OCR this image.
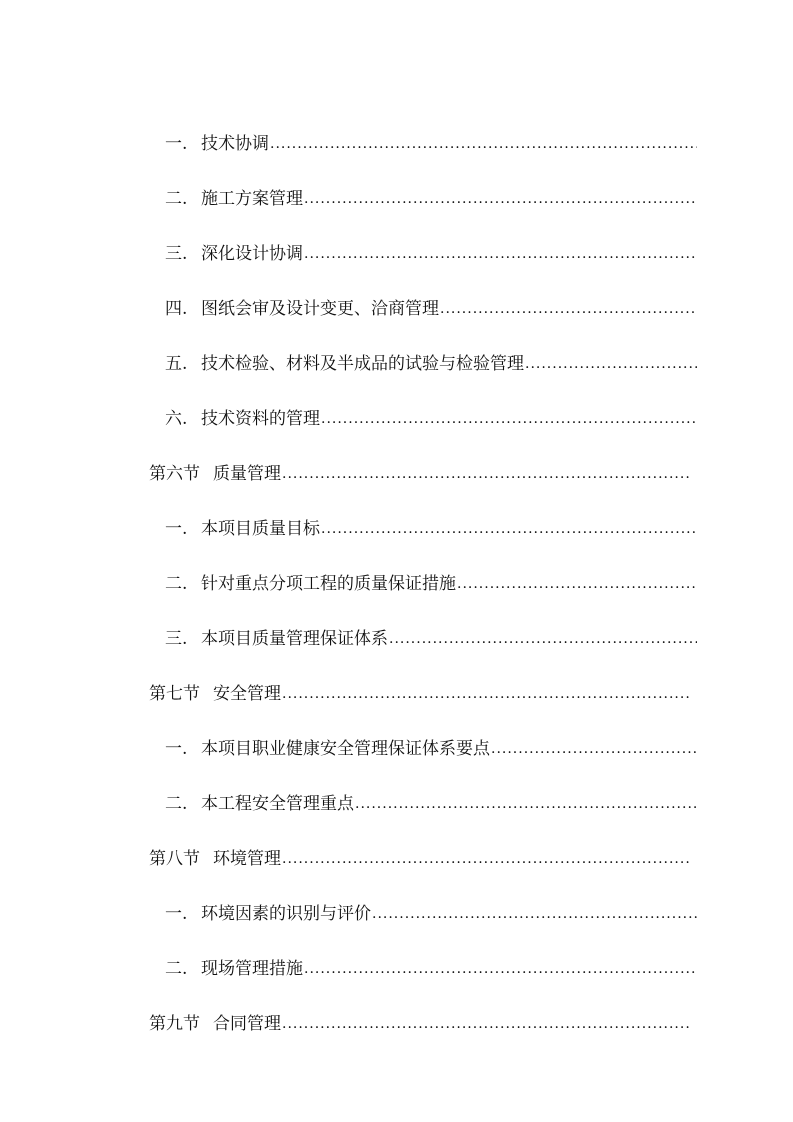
一. 技术协调
.....
二. 施工方案管理
.....
三. 深化设计协调
.....
四. 图纸会审及设计变更、洽商管理
.....
五. 技术检验、材料及半成品的试验与检验管理
.....
六. 技术资料的管理
.....
第六节 质量管理
.....
一. 本项目质量目标
.....
二. 针对重点分项工程的质量保证措施
.....
三. 本项目质量管理保证体系
.....
第七节 安全管理
.....
一. 本项目职业健康安全管理保证体系要点
.....
二. 本工程安全管理重点
.....
第八节 环境管理
.....
一. 环境因素的识别与评价
.....
二. 现场管理措施
.....
第九节 合同管理
.....
